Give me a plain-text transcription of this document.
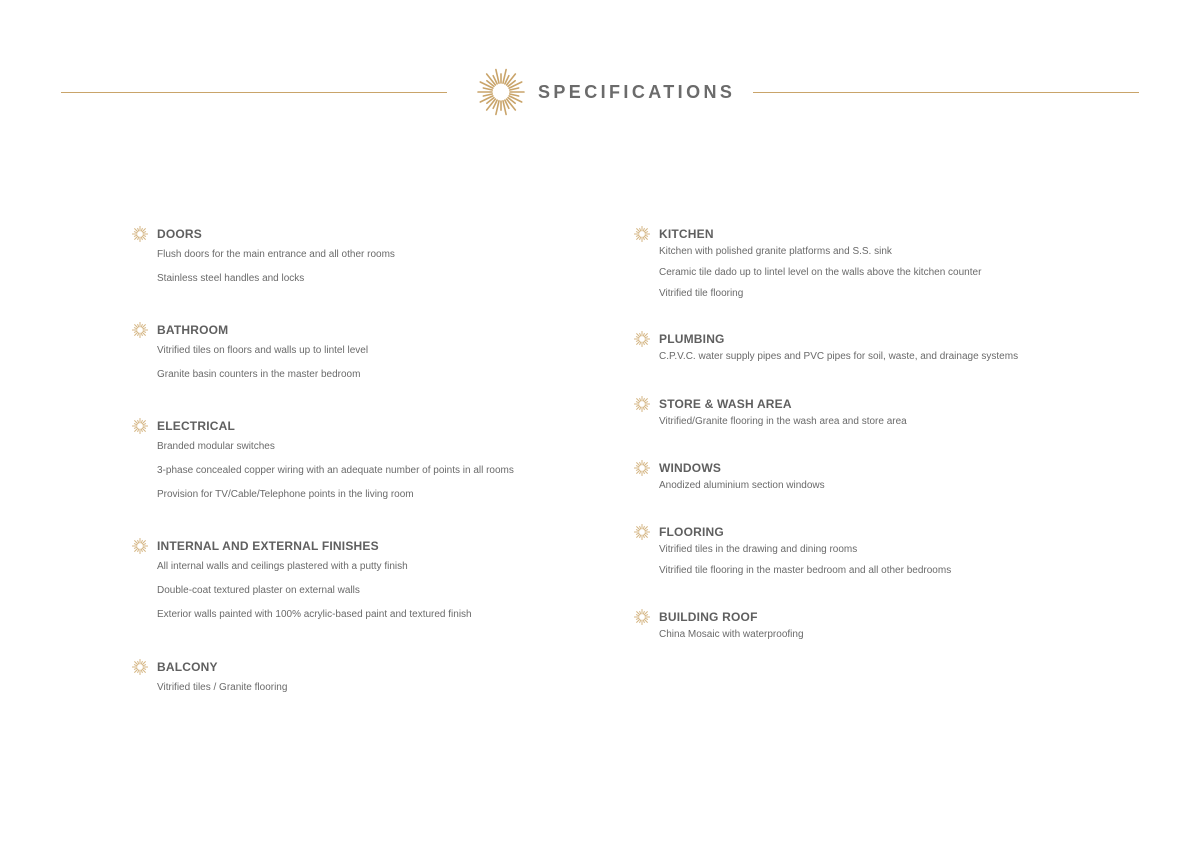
SPECIFICATIONS
DOORS
Flush doors for the main entrance and all other rooms
Stainless steel handles and locks
BATHROOM
Vitrified tiles on floors and walls up to lintel level
Granite basin counters in the master bedroom
ELECTRICAL
Branded modular switches
3-phase concealed copper wiring with an adequate number of points in all rooms
Provision for TV/Cable/Telephone points in the living room
INTERNAL AND EXTERNAL FINISHES
All internal walls and ceilings plastered with a putty finish
Double-coat textured plaster on external walls
Exterior walls painted with 100% acrylic-based paint and textured finish
BALCONY
Vitrified tiles / Granite flooring
KITCHEN
Kitchen with polished granite platforms and S.S. sink
Ceramic tile dado up to lintel level on the walls above the kitchen counter
Vitrified tile flooring
PLUMBING
C.P.V.C. water supply pipes and PVC pipes for soil, waste, and drainage systems
STORE & WASH AREA
Vitrified/Granite flooring in the wash area and store area
WINDOWS
Anodized aluminium section windows
FLOORING
Vitrified tiles in the drawing and dining rooms
Vitrified tile flooring in the master bedroom and all other bedrooms
BUILDING ROOF
China Mosaic with waterproofing
